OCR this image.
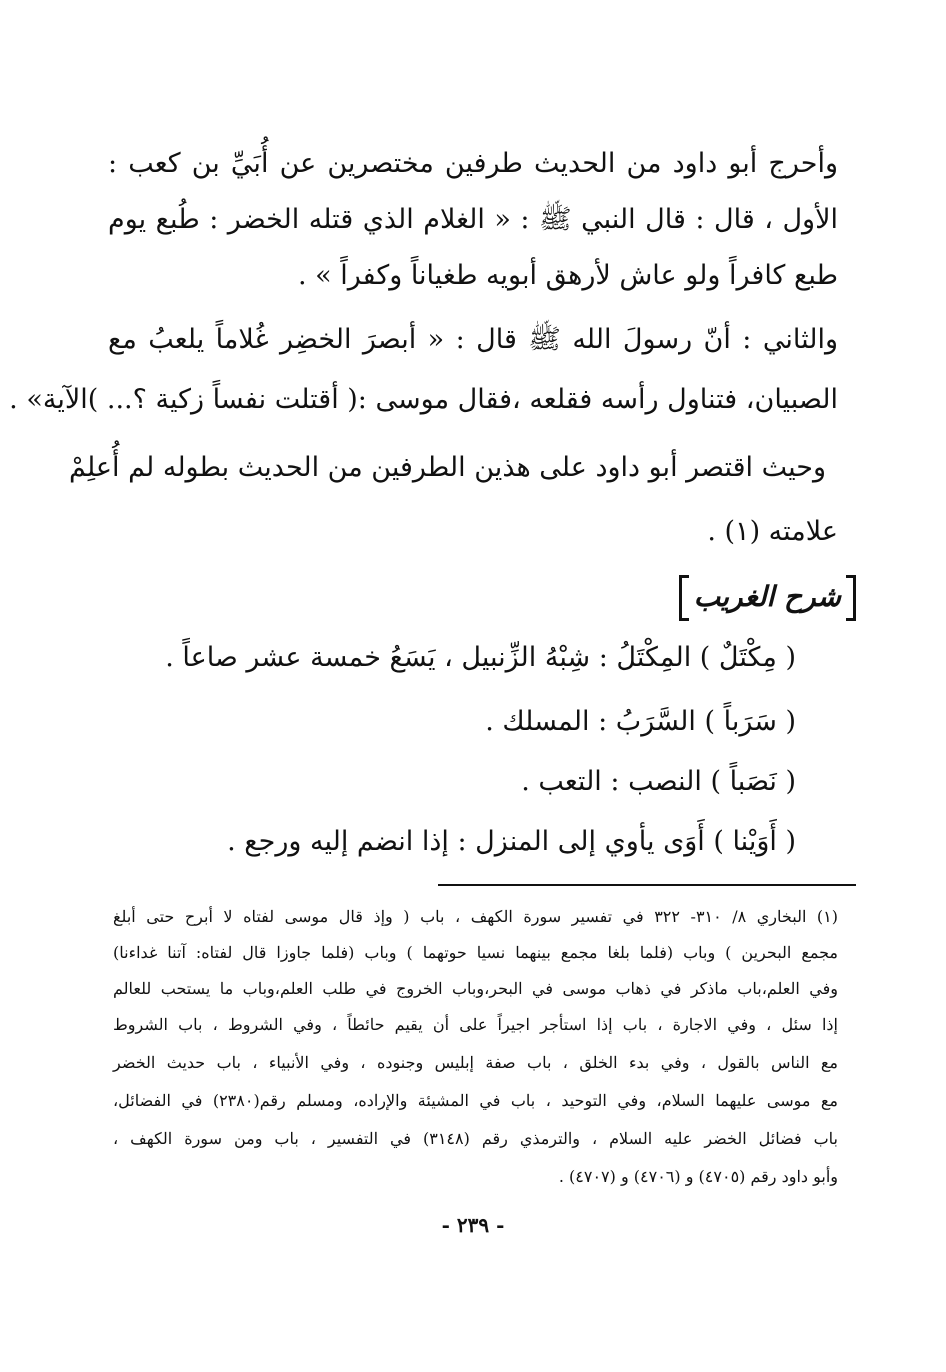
وأحرج أبو داود من الحديث طرفين مختصرين عن أُبَيِّ بن كعب :
الأول ، قال : قال النبي ﷺ : « الغلام الذي قتله الخضر : طُبع يوم
طبع كافراً ولو عاش لأرهق أبويه طغياناً وكفراً » .
والثاني : أنّ رسولَ الله ﷺ قال : « أبصرَ الخضِر غُلاماً يلعبُ مع
الصبيان، فتناول رأسه فقلعه ،فقال موسى :( أقتلت نفساً زكية ؟... )الآية» .
وحيث اقتصر أبو داود على هذين الطرفين من الحديث بطوله لم أُعلِمْ
علامته (١) .
شرح الغريب
( مِكْتَلٌ ) المِكْتَلُ : شِبْهُ الزِّنبيل ، يَسَعُ خمسة عشر صاعاً .
( سَرَباً ) السَّرَبُ : المسلك .
( نَصَباً ) النصب : التعب .
( أَوَيْنا ) أَوَى يأوي إلى المنزل : إذا انضم إليه ورجع .
(١) البخاري ٨/ ٣١٠- ٣٢٢ في تفسير سورة الكهف ، باب ( وإذ قال موسى لفتاه لا أبرح حتى أبلغ
مجمع البحرين ) وباب (فلما بلغا مجمع بينهما نسيا حوتهما ) وباب (فلما جاوزا قال لفتاه: آتنا غداءنا)
وفي العلم،باب ماذكر في ذهاب موسى في البحر،وباب الخروج في طلب العلم،وباب ما يستحب للعالم
إذا سئل ، وفي الاجارة ، باب إذا استأجر اجيراً على أن يقيم حائطاً ، وفي الشروط ، باب الشروط
مع الناس بالقول ، وفي بدء الخلق ، باب صفة إبليس وجنوده ، وفي الأنبياء ، باب حديث الخضر
مع موسى عليهما السلام، وفي التوحيد ، باب في المشيئة والإراده، ومسلم رقم(٢٣٨٠) في الفضائل،
باب فضائل الخضر عليه السلام ، والترمذي رقم (٣١٤٨) في التفسير ، باب ومن سورة الكهف ،
وأبو داود رقم (٤٧٠٥) و (٤٧٠٦) و (٤٧٠٧) .
- ٢٣٩ -
